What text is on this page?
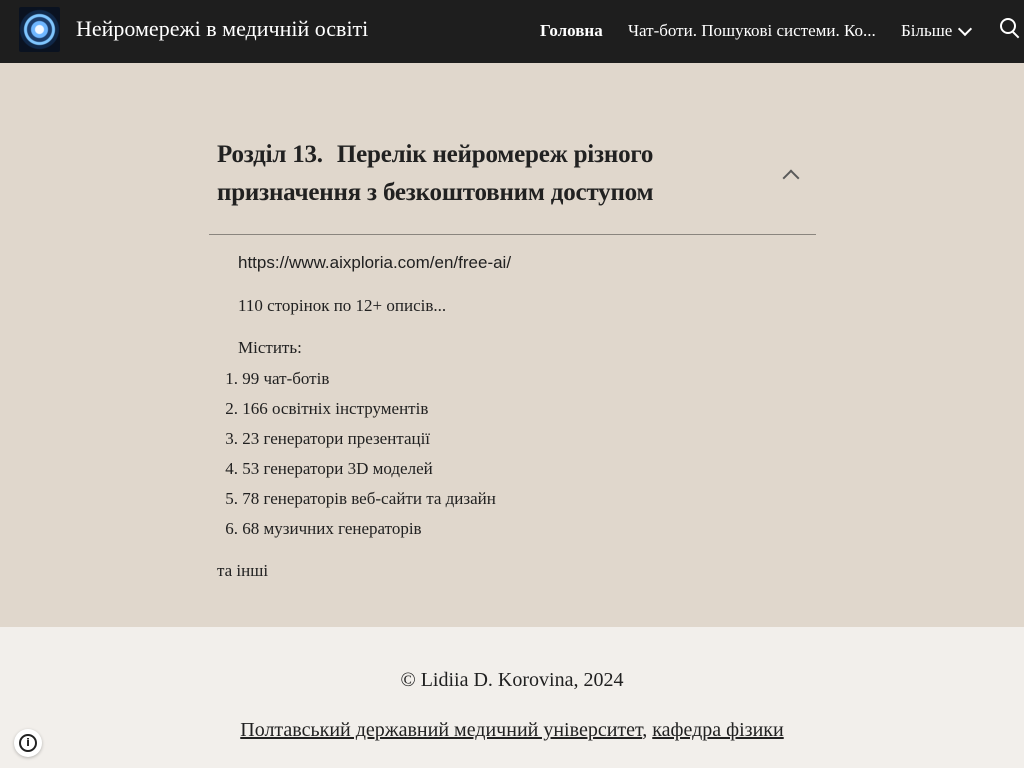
Нейромережі в медичній освіті	Головна Чат-боти. Пошукові системи. Ко... Більше
Розділ 13. Перелік нейромереж різного призначення з безкоштовним доступом
https://www.aixploria.com/en/free-ai/
110 сторінок по 12+ описів...
Містить:
1. 99 чат-ботів
2. 166 освітніх інструментів
3. 23 генератори презентації
4. 53 генератори 3D моделей
5. 78 генераторів веб-сайти та дизайн
6. 68 музичних генераторів
та інші
© Lidiia D. Korovina, 2024
Полтавський державний медичний університет, кафедра фізики
i
